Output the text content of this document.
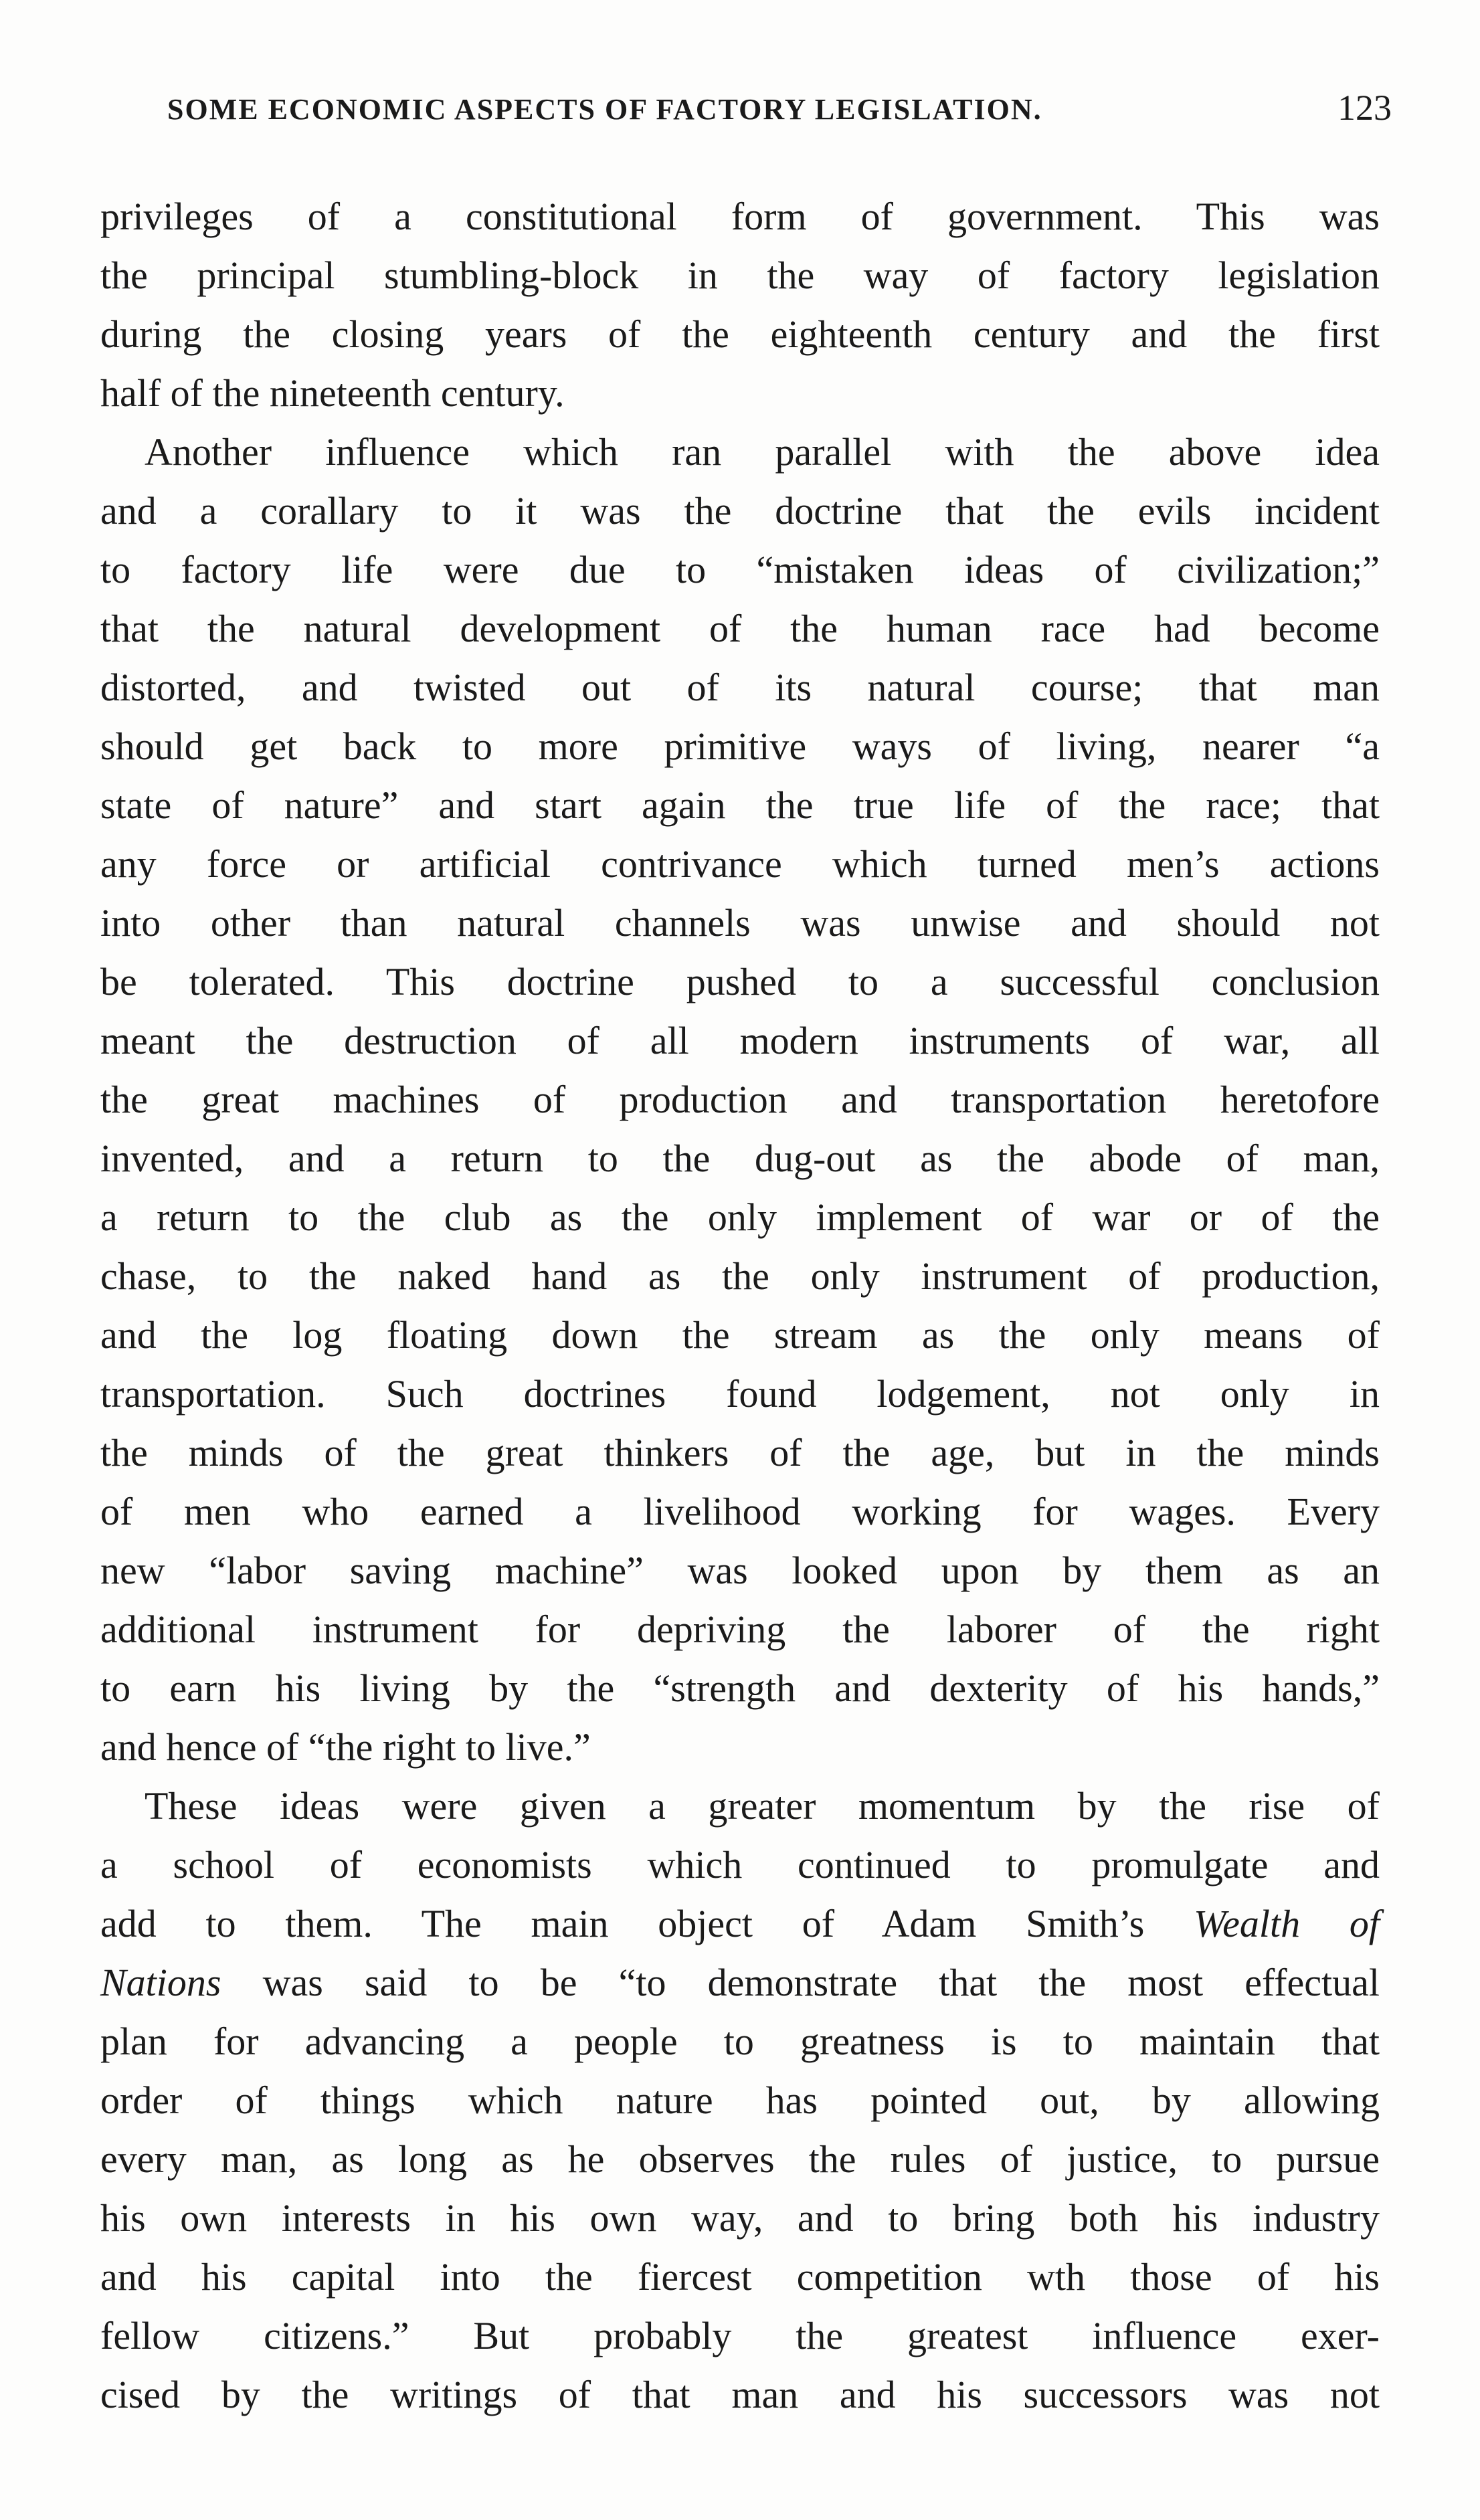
SOME ECONOMIC ASPECTS OF FACTORY LEGISLATION.	123
privileges of a constitutional form of government. This was
the principal stumbling-block in the way of factory legislation
during the closing years of the eighteenth century and the first
half of the nineteenth century.
Another influence which ran parallel with the above idea
and a corallary to it was the doctrine that the evils incident
to factory life were due to “mistaken ideas of civilization;”
that the natural development of the human race had become
distorted, and twisted out of its natural course; that man
should get back to more primitive ways of living, nearer “a
state of nature” and start again the true life of the race; that
any force or artificial contrivance which turned men’s actions
into other than natural channels was unwise and should not
be tolerated. This doctrine pushed to a successful conclusion
meant the destruction of all modern instruments of war, all
the great machines of production and transportation heretofore
invented, and a return to the dug-out as the abode of man,
a return to the club as the only implement of war or of the
chase, to the naked hand as the only instrument of production,
and the log floating down the stream as the only means of
transportation. Such doctrines found lodgement, not only in
the minds of the great thinkers of the age, but in the minds
of men who earned a livelihood working for wages. Every
new “labor saving machine” was looked upon by them as an
additional instrument for depriving the laborer of the right
to earn his living by the “strength and dexterity of his hands,”
and hence of “the right to live.”
These ideas were given a greater momentum by the rise of
a school of economists which continued to promulgate and
add to them. The main object of Adam Smith’s Wealth of
Nations was said to be “to demonstrate that the most effectual
plan for advancing a people to greatness is to maintain that
order of things which nature has pointed out, by allowing
every man, as long as he observes the rules of justice, to pursue
his own interests in his own way, and to bring both his industry
and his capital into the fiercest competition wth those of his
fellow citizens.” But probably the greatest influence exer-
cised by the writings of that man and his successors was not
